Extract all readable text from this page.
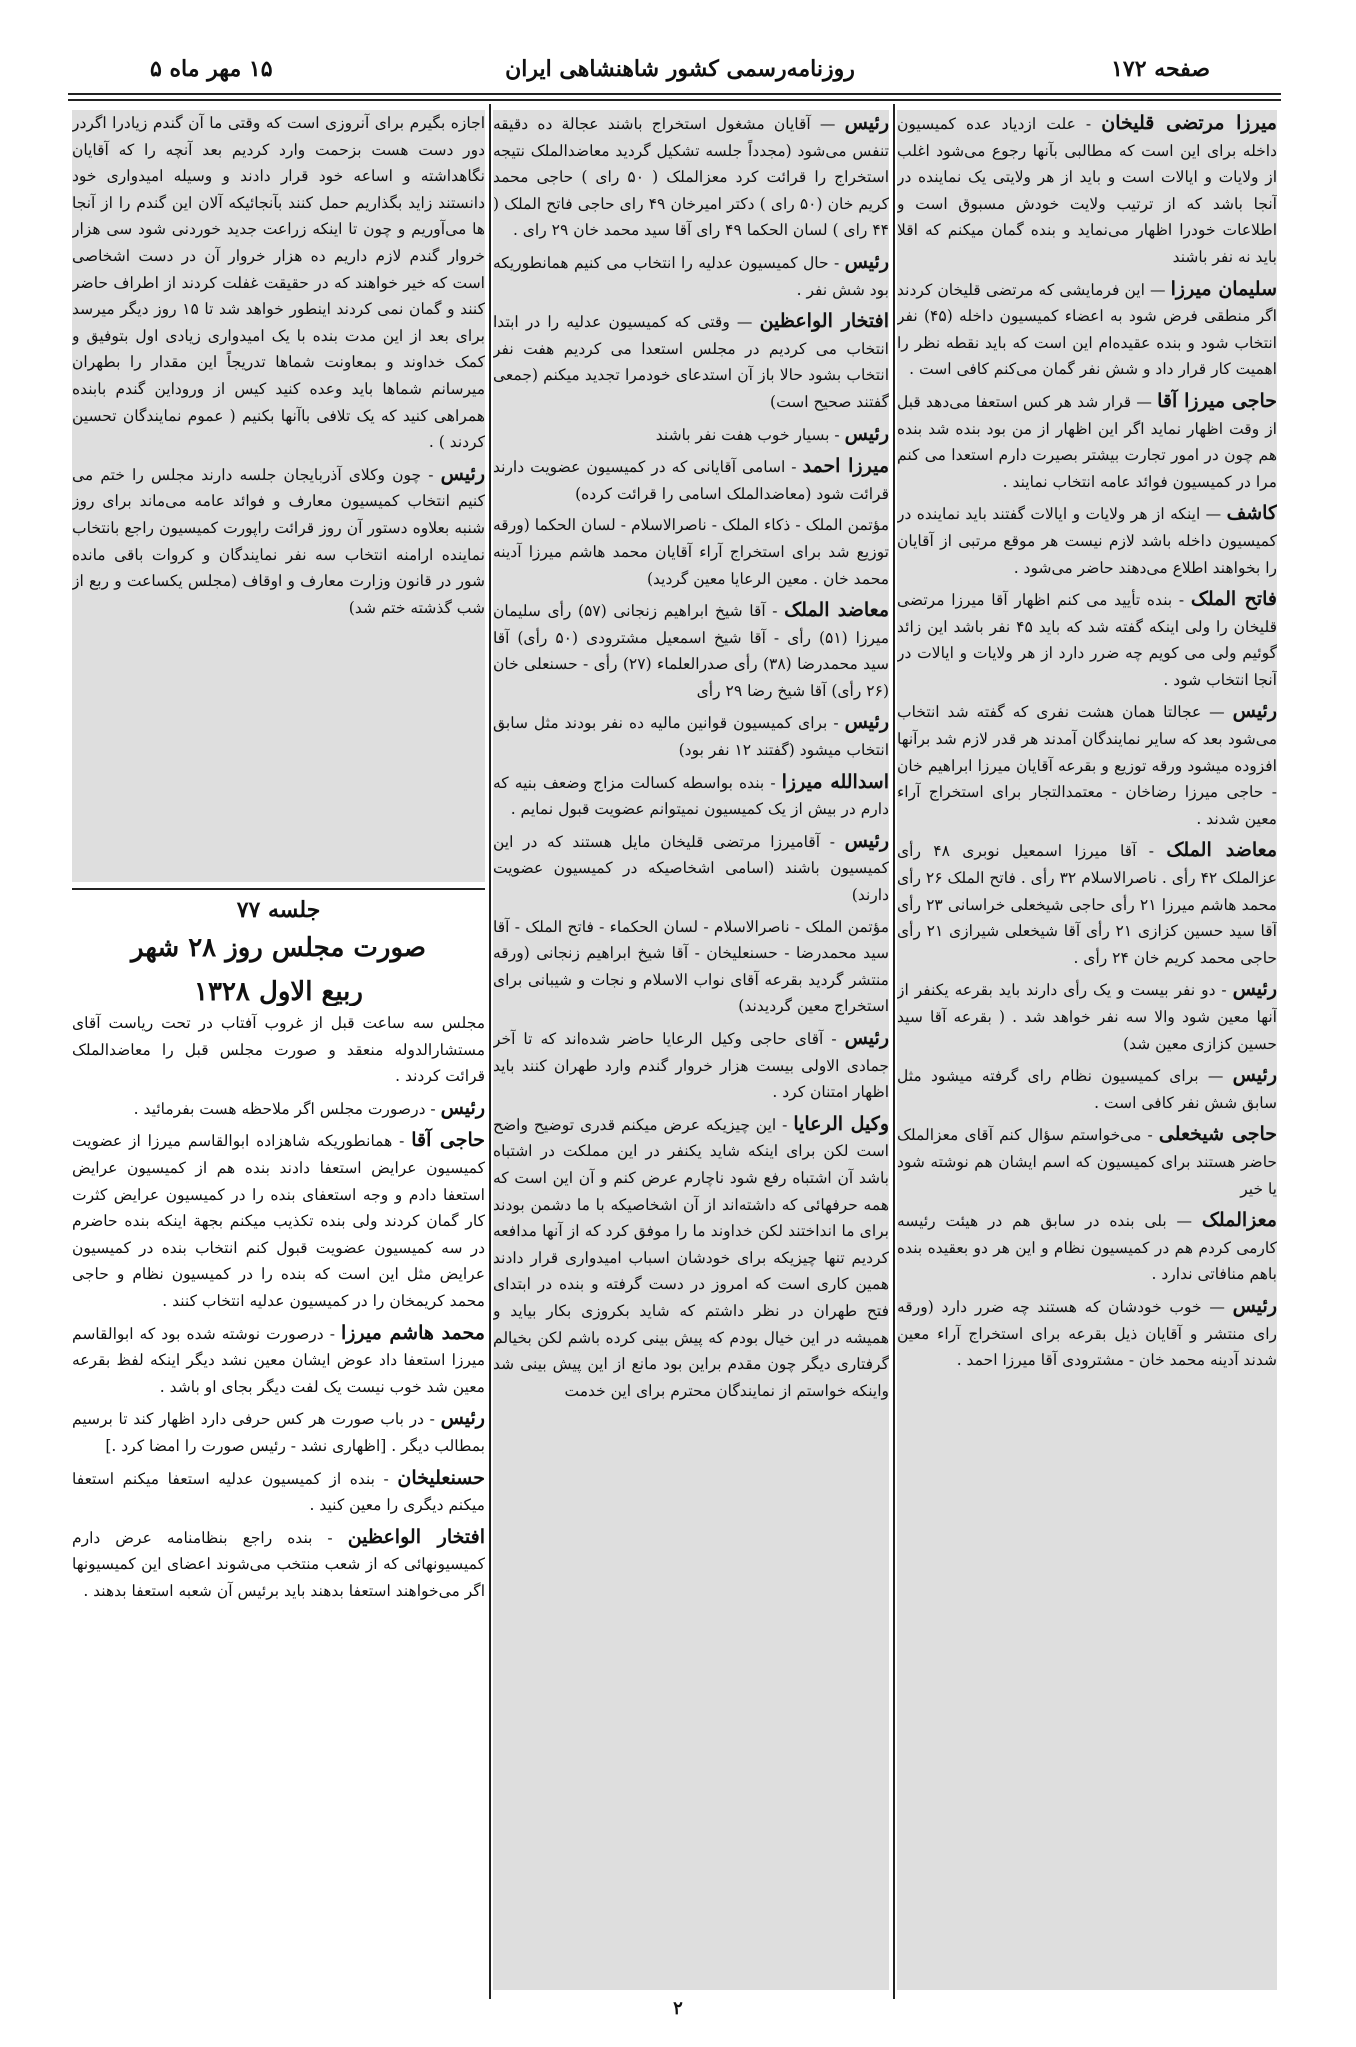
صفحه ۱۷۲
روزنامه‌رسمی کشور شاهنشاهی ایران
۱۵ مهر ماه ۵

میرزا مرتضی قلیخان - علت ازدیاد عده کمیسیون داخله برای این است که مطالبی بآنها رجوع می‌شود اغلب از ولایات و ایالات است و باید از هر ولایتی یک نماینده در آنجا باشد که از ترتیب ولایت خودش مسبوق است و اطلاعات خودرا اظهار می‌نماید و بنده گمان میکنم که اقلا باید نه نفر باشند

سلیمان میرزا — این فرمایشی که مرتضی قلیخان کردند اگر منطقی فرض شود به اعضاء کمیسیون داخله (۴۵) نفر انتخاب شود و بنده عقیده‌ام این است که باید نقطه نظر را اهمیت کار قرار داد و شش نفر گمان می‌کنم کافی است .

حاجی میرزا آقا — قرار شد هر کس استعفا می‌دهد قبل از وقت اظهار نماید اگر این اظهار از من بود بنده شد بنده هم چون در امور تجارت بیشتر بصیرت دارم استعدا می کنم مرا در کمیسیون فوائد عامه انتخاب نمایند .

کاشف — اینکه از هر ولایات و ایالات گفتند باید نماینده در کمیسیون داخله باشد لازم نیست هر موقع مرتبی از آقایان را بخواهند اطلاع می‌دهند حاضر می‌شود .

فاتح الملک - بنده تأیید می کنم اظهار آقا میرزا مرتضی قلیخان را ولی اینکه گفته شد که باید ۴۵ نفر باشد این زائد گوئیم ولی می کویم چه ضرر دارد از هر ولایات و ایالات در آنجا انتخاب شود .

رئیس — عجالتا همان هشت نفری که گفته شد انتخاب می‌شود بعد که سایر نمایندگان آمدند هر قدر لازم شد برآنها افزوده میشود ورقه توزیع و بقرعه آقایان میرزا ابراهیم خان - حاجی میرزا رضاخان - معتمدالتجار برای استخراج آراء معین شدند .

معاضد الملک - آقا میرزا اسمعیل نوبری ۴۸ رأی عزالملک ۴۲ رأی . ناصرالاسلام ۳۲ رأی . فاتح الملک ۲۶ رأی محمد هاشم میرزا ۲۱ رأی حاجی شیخعلی خراسانی ۲۳ رأی آقا سید حسین کزازی ۲۱ رأی آقا شیخعلی شیرازی ۲۱ رأی حاجی محمد کریم خان ۲۴ رأی .

رئیس - دو نفر بیست و یک رأی دارند باید بقرعه یکنفر از آنها معین شود والا سه نفر خواهد شد . ( بقرعه آقا سید حسین کزازی معین شد)

رئیس — برای کمیسیون نظام رای گرفته میشود مثل سابق شش نفر کافی است .

حاجی شیخعلی - می‌خواستم سؤال کنم آقای معزالملک حاضر هستند برای کمیسیون که اسم ایشان هم نوشته شود یا خیر

معزالملک — بلی بنده در سابق هم در هیئت رئیسه کارمی کردم هم در کمیسیون نظام و این هر دو بعقیده بنده باهم منافاتی ندارد .

رئیس — خوب خودشان که هستند چه ضرر دارد (ورقه رای منتشر و آقایان ذیل بقرعه برای استخراج آراء معین شدند آدینه محمد خان - مشترودی آقا میرزا احمد .

رئیس — آقایان مشغول استخراج باشند عجالة ده دقیقه تنفس می‌شود (مجدداً جلسه تشکیل گردید معاضدالملک نتیجه استخراج را قرائت کرد معزالملک ( ۵۰ رای ) حاجی محمد کریم خان (۵۰ رای ) دکتر امیرخان ۴۹ رای حاجی فاتح الملک ( ۴۴ رای ) لسان الحکما ۴۹ رای آقا سید محمد خان ۲۹ رای .

رئیس - حال کمیسیون عدلیه را انتخاب می کنیم همانطوریکه بود شش نفر .

افتخار الواعظین — وقتی که کمیسیون عدلیه را در ابتدا انتخاب می کردیم در مجلس استعدا می کردیم هفت نفر انتخاب بشود حالا باز آن استدعای خودمرا تجدید میکنم (جمعی گفتند صحیح است)

رئیس - بسیار خوب هفت نفر باشند

میرزا احمد - اسامی آقایانی که در کمیسیون عضویت دارند قرائت شود (معاضدالملک اسامی را قرائت کرده)

مؤتمن الملک - ذکاء الملک - ناصرالاسلام - لسان الحکما (ورقه توزیع شد برای استخراج آراء آقایان محمد هاشم میرزا آدینه محمد خان . معین الرعایا معین گردید)

معاضد الملک - آقا شیخ ابراهیم زنجانی (۵۷) رأی سلیمان میرزا (۵۱) رأی - آقا شیخ اسمعیل مشترودی (۵۰ رأی) آقا سید محمدرضا (۳۸) رأی صدرالعلماء (۲۷) رأی - حسنعلی خان (۲۶ رأی) آقا شیخ رضا ۲۹ رأی

رئیس - برای کمیسیون قوانین مالیه ده نفر بودند مثل سابق انتخاب میشود (گفتند ۱۲ نفر بود)

اسدالله میرزا - بنده بواسطه کسالت مزاج وضعف بنیه که دارم در بیش از یک کمیسیون نمیتوانم عضویت قبول نمایم .

رئیس - آقامیرزا مرتضی قلیخان مایل هستند که در این کمیسیون باشند (اسامی اشخاصیکه در کمیسیون عضویت دارند)

مؤتمن الملک - ناصرالاسلام - لسان الحکماء - فاتح الملک - آقا سید محمدرضا - حسنعلیخان - آقا شیخ ابراهیم زنجانی (ورقه منتشر گردید بقرعه آقای نواب الاسلام و نجات و شیبانی برای استخراج معین گردیدند)

رئیس - آقای حاجی وکیل الرعایا حاضر شده‌اند که تا آخر جمادی الاولی بیست هزار خروار گندم وارد طهران کنند باید اظهار امتنان کرد .

وکیل الرعایا - این چیزیکه عرض میکنم قدری توضیح واضح است لکن برای اینکه شاید یکنفر در این مملکت در اشتباه باشد آن اشتباه رفع شود ناچارم عرض کنم و آن این است که همه حرفهائی که داشته‌اند از آن اشخاصیکه با ما دشمن بودند برای ما انداختند لکن خداوند ما را موفق کرد که از آنها مدافعه کردیم تنها چیزیکه برای خودشان اسباب امیدواری قرار دادند همین کاری است که امروز در دست گرفته و بنده در ابتدای فتح طهران در نظر داشتم که شاید بکروزی بکار بیاید و همیشه در این خیال بودم که پیش بینی کرده باشم لکن بخیالم گرفتاری دیگر چون مقدم براین بود مانع از این پیش بینی شد واینکه خواستم از نمایندگان محترم برای این خدمت

اجازه بگیرم برای آنروزی است که وقتی ما آن گندم زیادرا اگردر دور دست هست بزحمت وارد کردیم بعد آنچه را که آقایان نگاهداشته و اساعه خود قرار دادند و وسیله امیدواری خود دانستند زاید بگذاریم حمل کنند بآنجائیکه آلان این گندم را از آنجا ها می‌آوریم و چون تا اینکه زراعت جدید خوردنی شود سی هزار خروار گندم لازم داریم ده هزار خروار آن در دست اشخاصی است که خیر خواهند که در حقیقت غفلت کردند از اطراف حاضر کنند و گمان نمی کردند اینطور خواهد شد تا ۱۵ روز دیگر میرسد برای بعد از این مدت بنده با یک امیدواری زیادی اول بتوفیق و کمک خداوند و بمعاونت شماها تدریجاً این مقدار را بطهران میرسانم شماها باید وعده کنید کیس از وروداین گندم بابنده همراهی کنید که یک تلافی باآنها بکنیم ( عموم نمایندگان تحسین کردند ) .

رئیس - چون وکلای آذربایجان جلسه دارند مجلس را ختم می کنیم انتخاب کمیسیون معارف و فوائد عامه می‌ماند برای روز شنبه بعلاوه دستور آن روز قرائت راپورت کمیسیون راجع بانتخاب نماینده ارامنه انتخاب سه نفر نمایندگان و کروات باقی مانده شور در قانون وزارت معارف و اوقاف (مجلس یکساعت و ربع از شب گذشته ختم شد)

جلسه ۷۷
صورت مجلس روز ۲۸ شهر
ربیع الاول ۱۳۲۸

مجلس سه ساعت قبل از غروب آفتاب در تحت ریاست آقای مستشارالدوله منعقد و صورت مجلس قبل را معاضدالملک قرائت کردند .

رئیس - درصورت مجلس اگر ملاحظه هست بفرمائید .

حاجی آقا - همانطوریکه شاهزاده ابوالقاسم میرزا از عضویت کمیسیون عرایض استعفا دادند بنده هم از کمیسیون عرایض استعفا دادم و وجه استعفای بنده را در کمیسیون عرایض کثرت کار گمان کردند ولی بنده تکذیب میکنم بجهة اینکه بنده حاضرم در سه کمیسیون عضویت قبول کنم انتخاب بنده در کمیسیون عرایض مثل این است که بنده را در کمیسیون نظام و حاجی محمد کریمخان را در کمیسیون عدلیه انتخاب کنند .

محمد هاشم میرزا - درصورت نوشته شده بود که ابوالقاسم میرزا استعفا داد عوض ایشان معین نشد دیگر اینکه لفظ بقرعه معین شد خوب نیست یک لفت دیگر بجای او باشد .

رئیس - در باب صورت هر کس حرفی دارد اظهار کند تا برسیم بمطالب دیگر . [اظهاری نشد - رئیس صورت را امضا کرد .]

حسنعلیخان - بنده از کمیسیون عدلیه استعفا میکنم استعفا میکنم دیگری را معین کنید .

افتخار الواعظین - بنده راجع بنظامنامه عرض دارم کمیسیونهائی که از شعب منتخب می‌شوند اعضای این کمیسیونها اگر می‌خواهند استعفا بدهند باید برئیس آن شعبه استعفا بدهند .

۲
